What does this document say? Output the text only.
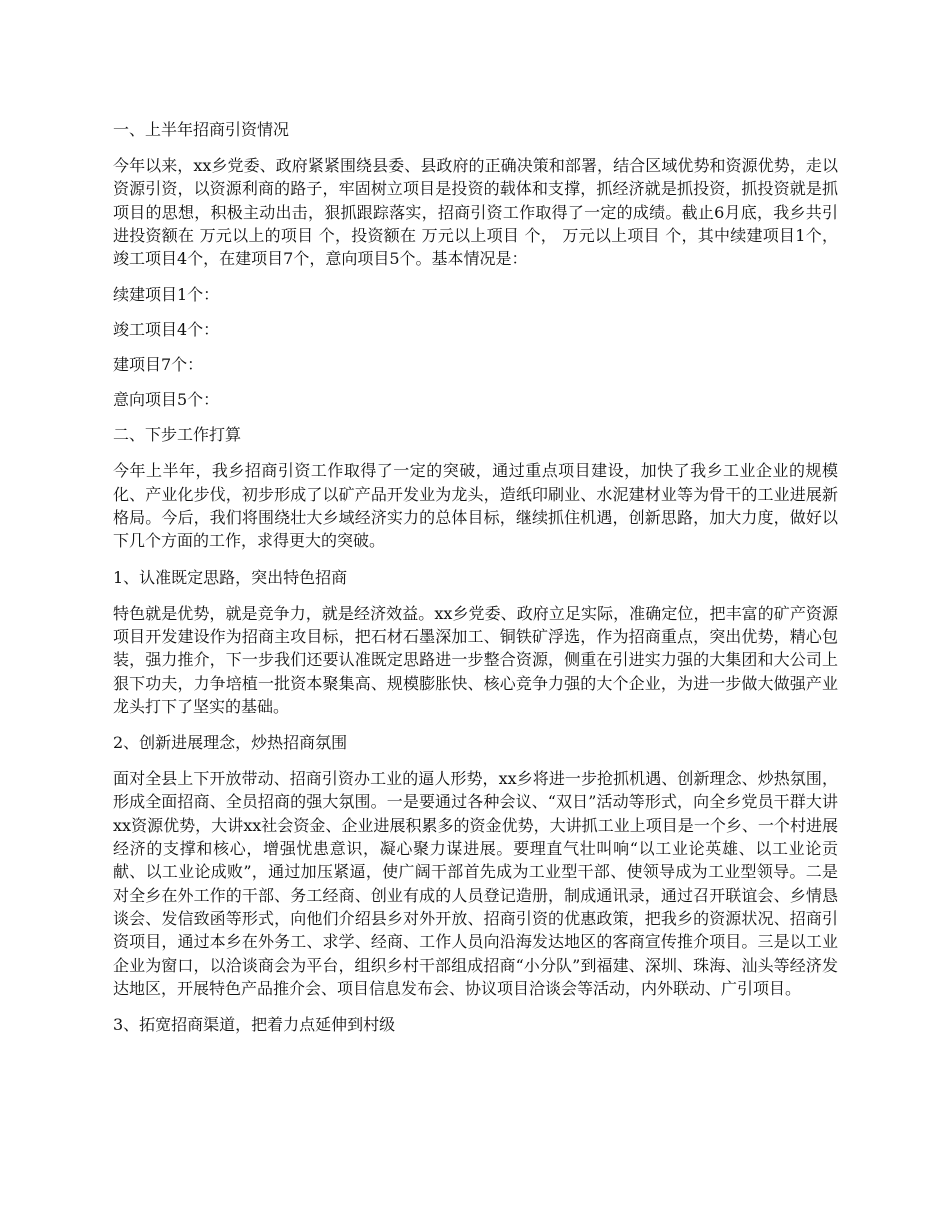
一、上半年招商引资情况

今年以来，xx乡党委、政府紧紧围绕县委、县政府的正确决策和部署，结合区域优势和资源优势，走以资源引资，以资源利商的路子，牢固树立项目是投资的载体和支撑，抓经济就是抓投资，抓投资就是抓项目的思想，积极主动出击，狠抓跟踪落实，招商引资工作取得了一定的成绩。截止6月底，我乡共引进投资额在 万元以上的项目 个，投资额在 万元以上项目 个， 万元以上项目 个，其中续建项目1个，竣工项目4个，在建项目7个，意向项目5个。基本情况是：

续建项目1个：
竣工项目4个：
建项目7个：
意向项目5个：
二、下步工作打算

今年上半年，我乡招商引资工作取得了一定的突破，通过重点项目建设，加快了我乡工业企业的规模化、产业化步伐，初步形成了以矿产品开发业为龙头，造纸印刷业、水泥建材业等为骨干的工业进展新格局。今后，我们将围绕壮大乡域经济实力的总体目标，继续抓住机遇，创新思路，加大力度，做好以下几个方面的工作，求得更大的突破。

1、认准既定思路，突出特色招商

特色就是优势，就是竞争力，就是经济效益。xx乡党委、政府立足实际，准确定位，把丰富的矿产资源项目开发建设作为招商主攻目标，把石材石墨深加工、铜铁矿浮选，作为招商重点，突出优势，精心包装，强力推介，下一步我们还要认准既定思路进一步整合资源，侧重在引进实力强的大集团和大公司上狠下功夫，力争培植一批资本聚集高、规模膨胀快、核心竞争力强的大个企业，为进一步做大做强产业龙头打下了坚实的基础。

2、创新进展理念，炒热招商氛围

面对全县上下开放带动、招商引资办工业的逼人形势，xx乡将进一步抢抓机遇、创新理念、炒热氛围，形成全面招商、全员招商的强大氛围。一是要通过各种会议、“双日”活动等形式，向全乡党员干群大讲xx资源优势，大讲xx社会资金、企业进展积累多的资金优势，大讲抓工业上项目是一个乡、一个村进展经济的支撑和核心，增强忧患意识，凝心聚力谋进展。要理直气壮叫响“以工业论英雄、以工业论贡献、以工业论成败”，通过加压紧逼，使广阔干部首先成为工业型干部、使领导成为工业型领导。二是对全乡在外工作的干部、务工经商、创业有成的人员登记造册，制成通讯录，通过召开联谊会、乡情恳谈会、发信致函等形式，向他们介绍县乡对外开放、招商引资的优惠政策，把我乡的资源状况、招商引资项目，通过本乡在外务工、求学、经商、工作人员向沿海发达地区的客商宣传推介项目。三是以工业企业为窗口，以洽谈商会为平台，组织乡村干部组成招商“小分队”到福建、深圳、珠海、汕头等经济发达地区，开展特色产品推介会、项目信息发布会、协议项目洽谈会等活动，内外联动、广引项目。

3、拓宽招商渠道，把着力点延伸到村级
